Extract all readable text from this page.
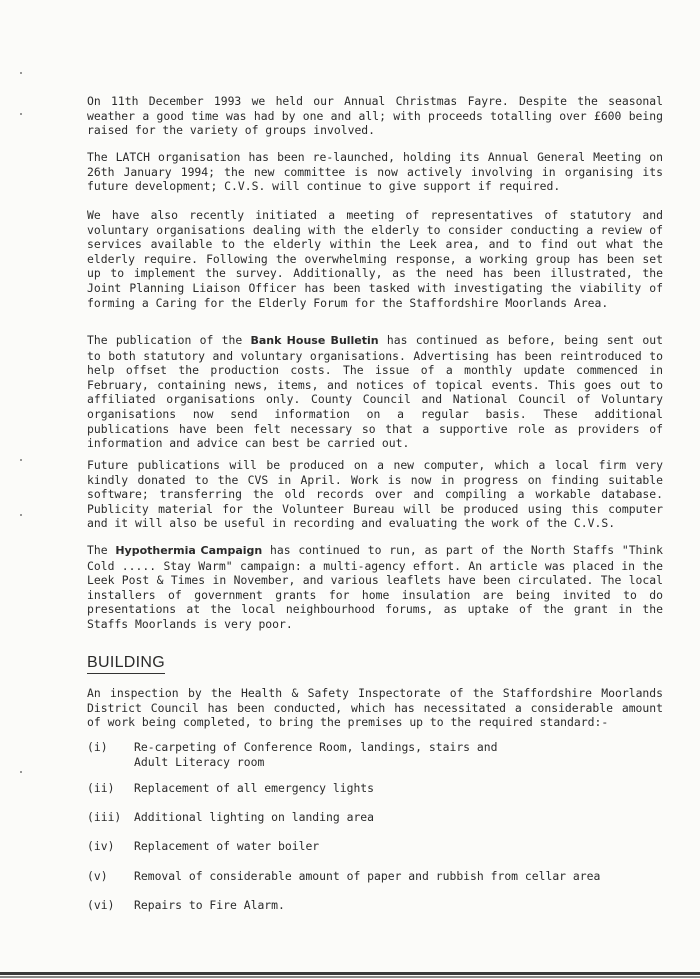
On 11th December 1993 we held our Annual Christmas Fayre. Despite the seasonal weather a good time was had by one and all; with proceeds totalling over £600 being raised for the variety of groups involved.

The LATCH organisation has been re-launched, holding its Annual General Meeting on 26th January 1994; the new committee is now actively involving in organising its future development; C.V.S. will continue to give support if required.

We have also recently initiated a meeting of representatives of statutory and voluntary organisations dealing with the elderly to consider conducting a review of services available to the elderly within the Leek area, and to find out what the elderly require. Following the overwhelming response, a working group has been set up to implement the survey. Additionally, as the need has been illustrated, the Joint Planning Liaison Officer has been tasked with investigating the viability of forming a Caring for the Elderly Forum for the Staffordshire Moorlands Area.

The publication of the Bank House Bulletin has continued as before, being sent out to both statutory and voluntary organisations. Advertising has been reintroduced to help offset the production costs. The issue of a monthly update commenced in February, containing news, items, and notices of topical events. This goes out to affiliated organisations only. County Council and National Council of Voluntary organisations now send information on a regular basis. These additional publications have been felt necessary so that a supportive role as providers of information and advice can best be carried out.

Future publications will be produced on a new computer, which a local firm very kindly donated to the CVS in April. Work is now in progress on finding suitable software; transferring the old records over and compiling a workable database. Publicity material for the Volunteer Bureau will be produced using this computer and it will also be useful in recording and evaluating the work of the C.V.S.

The Hypothermia Campaign has continued to run, as part of the North Staffs "Think Cold ..... Stay Warm" campaign: a multi-agency effort. An article was placed in the Leek Post & Times in November, and various leaflets have been circulated. The local installers of government grants for home insulation are being invited to do presentations at the local neighbourhood forums, as uptake of the grant in the Staffs Moorlands is very poor.

BUILDING

An inspection by the Health & Safety Inspectorate of the Staffordshire Moorlands District Council has been conducted, which has necessitated a considerable amount of work being completed, to bring the premises up to the required standard:-

(i) Re-carpeting of Conference Room, landings, stairs and
Adult Literacy room
(ii) Replacement of all emergency lights
(iii) Additional lighting on landing area
(iv) Replacement of water boiler
(v) Removal of considerable amount of paper and rubbish from cellar area
(vi) Repairs to Fire Alarm.
